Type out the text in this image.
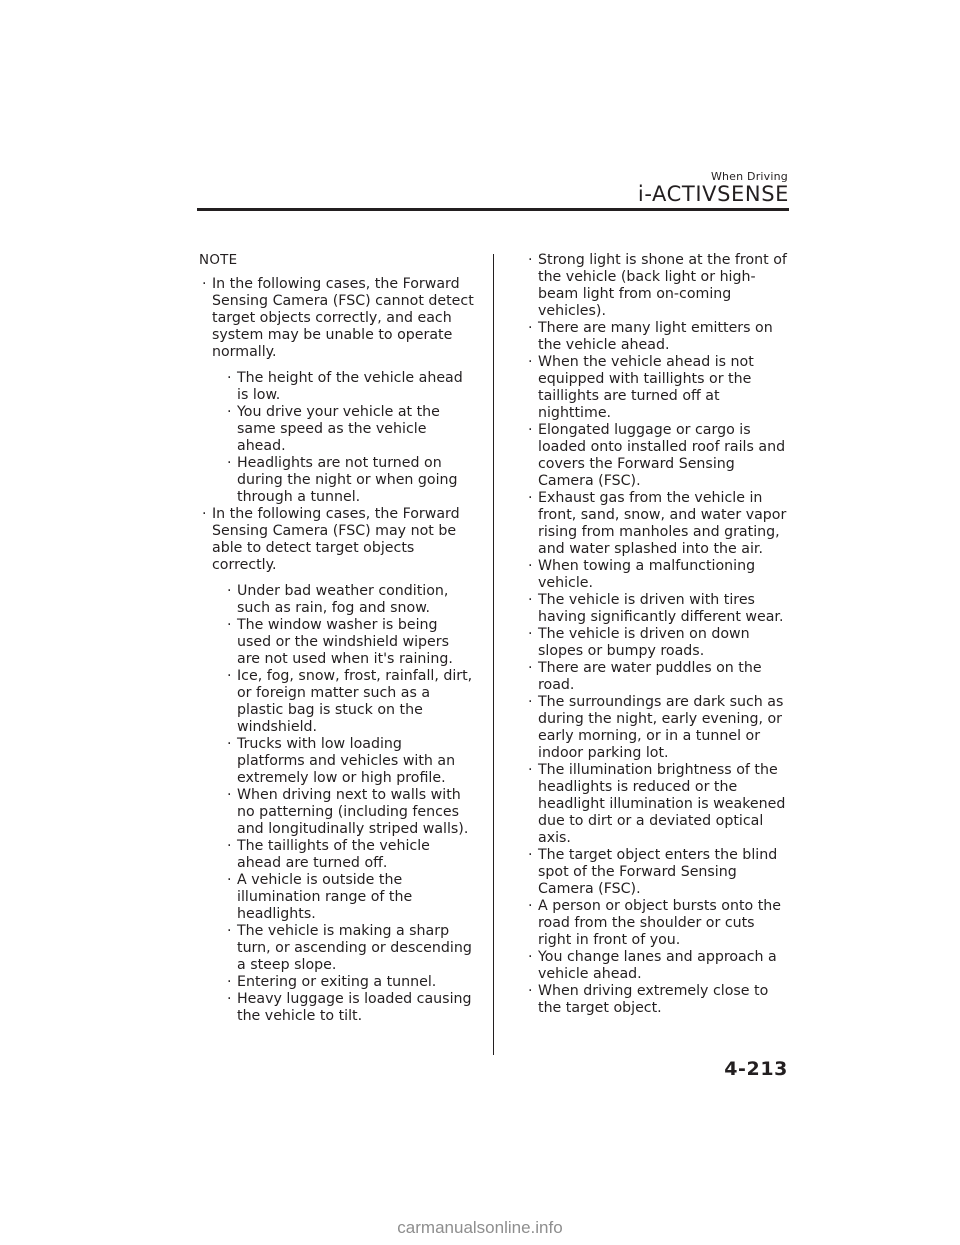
When Driving
i-ACTIVSENSE
NOTE
· In the following cases, the Forward Sensing Camera (FSC) cannot detect target objects correctly, and each system may be unable to operate normally.
· The height of the vehicle ahead is low.
· You drive your vehicle at the same speed as the vehicle ahead.
· Headlights are not turned on during the night or when going through a tunnel.
· In the following cases, the Forward Sensing Camera (FSC) may not be able to detect target objects correctly.
· Under bad weather condition, such as rain, fog and snow.
· The window washer is being used or the windshield wipers are not used when it's raining.
· Ice, fog, snow, frost, rainfall, dirt, or foreign matter such as a plastic bag is stuck on the windshield.
· Trucks with low loading platforms and vehicles with an extremely low or high profile.
· When driving next to walls with no patterning (including fences and longitudinally striped walls).
· The taillights of the vehicle ahead are turned off.
· A vehicle is outside the illumination range of the headlights.
· The vehicle is making a sharp turn, or ascending or descending a steep slope.
· Entering or exiting a tunnel.
· Heavy luggage is loaded causing the vehicle to tilt.
· Strong light is shone at the front of the vehicle (back light or high-beam light from on-coming vehicles).
· There are many light emitters on the vehicle ahead.
· When the vehicle ahead is not equipped with taillights or the taillights are turned off at nighttime.
· Elongated luggage or cargo is loaded onto installed roof rails and covers the Forward Sensing Camera (FSC).
· Exhaust gas from the vehicle in front, sand, snow, and water vapor rising from manholes and grating, and water splashed into the air.
· When towing a malfunctioning vehicle.
· The vehicle is driven with tires having significantly different wear.
· The vehicle is driven on down slopes or bumpy roads.
· There are water puddles on the road.
· The surroundings are dark such as during the night, early evening, or early morning, or in a tunnel or indoor parking lot.
· The illumination brightness of the headlights is reduced or the headlight illumination is weakened due to dirt or a deviated optical axis.
· The target object enters the blind spot of the Forward Sensing Camera (FSC).
· A person or object bursts onto the road from the shoulder or cuts right in front of you.
· You change lanes and approach a vehicle ahead.
· When driving extremely close to the target object.
4-213
carmanualsonline.info
